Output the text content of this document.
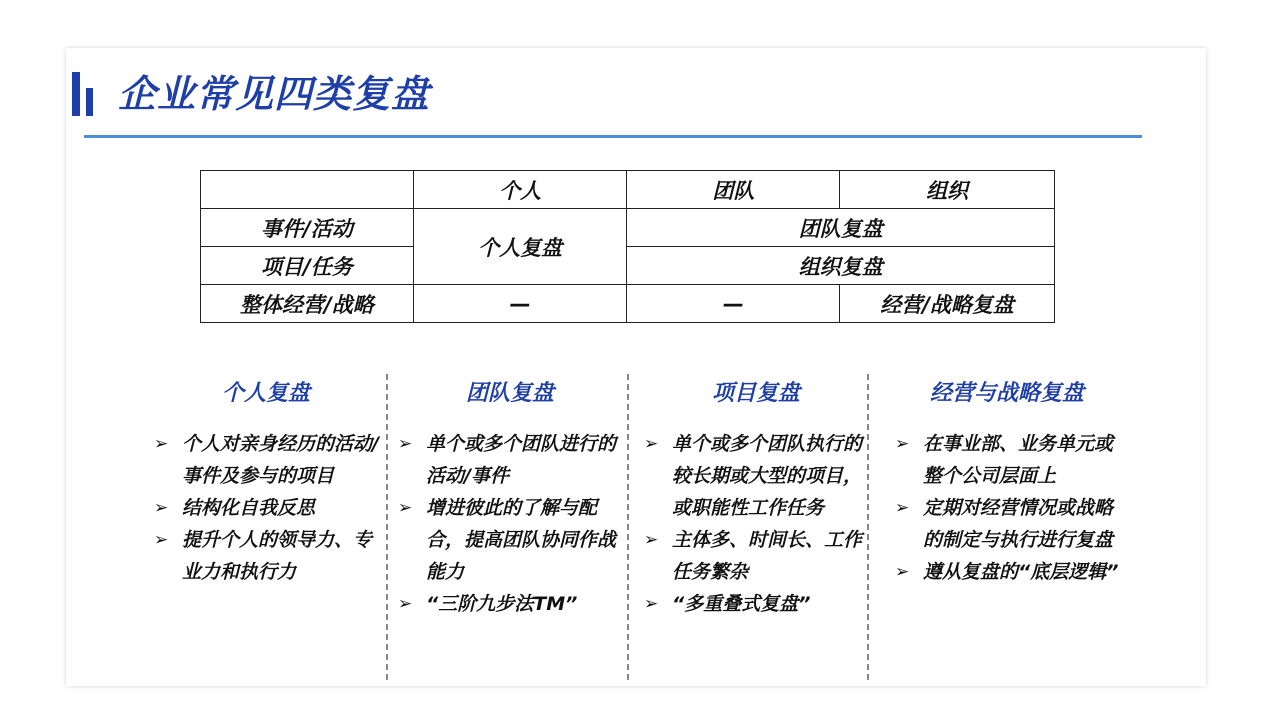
企业常见四类复盘
	个人	团队	组织
事件/活动	个人复盘	团队复盘	
项目/任务		组织复盘	
整体经营/战略	—	—	经营/战略复盘
个人复盘
➢ 个人对亲身经历的活动/事件及参与的项目
➢ 结构化自我反思
➢ 提升个人的领导力、专业力和执行力
团队复盘
➢ 单个或多个团队进行的活动/事件
➢ 增进彼此的了解与配合，提高团队协同作战能力
➢ “三阶九步法TM”
项目复盘
➢ 单个或多个团队执行的较长期或大型的项目，或职能性工作任务
➢ 主体多、时间长、工作任务繁杂
➢ “多重叠式复盘”
经营与战略复盘
➢ 在事业部、业务单元或整个公司层面上
➢ 定期对经营情况或战略的制定与执行进行复盘
➢ 遵从复盘的“底层逻辑”
